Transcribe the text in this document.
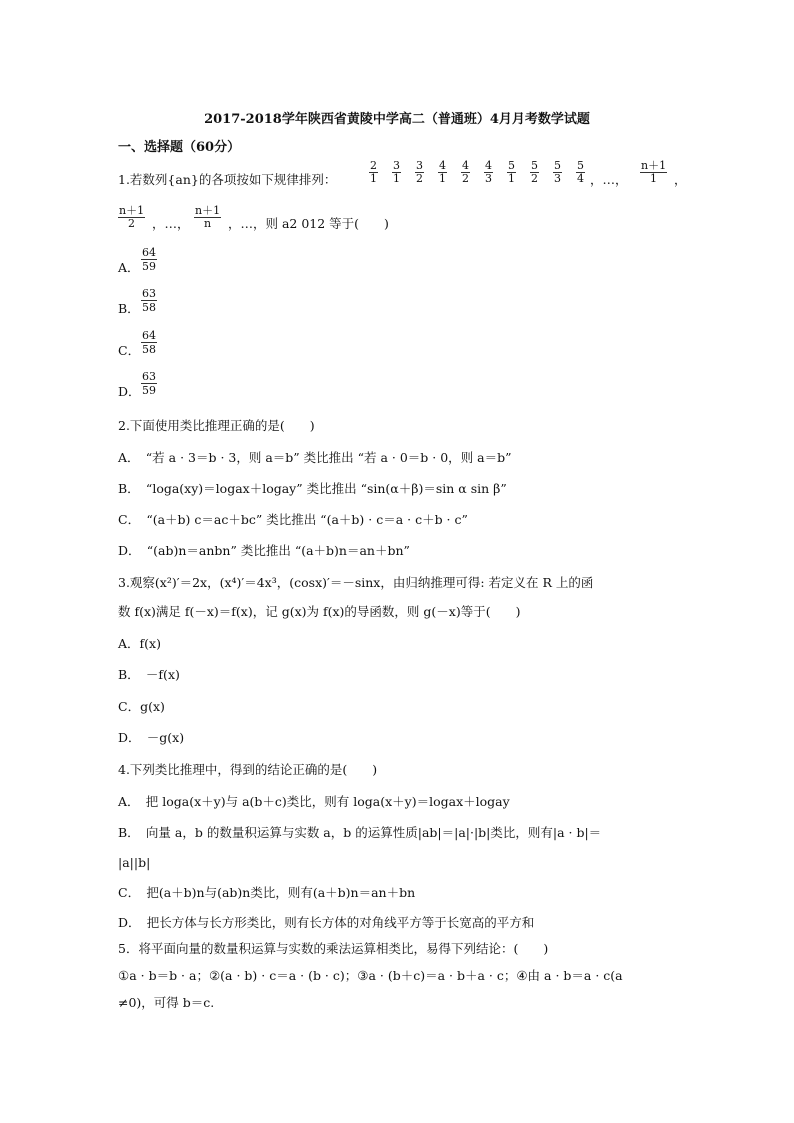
2017-2018学年陕西省黄陵中学高二（普通班）4月月考数学试题
一、选择题（60分）
1.若数列{an}的各项按如下规律排列：	$\frac{2}{1} \frac{3}{1} \frac{3}{2} \frac{4}{1} \frac{4}{2} \frac{4}{3} \frac{5}{1} \frac{5}{2} \frac{5}{3} \frac{5}{4}$ ，…， $\frac{n+1}{1}$ ，
$\frac{n+1}{2}$ ，…， $\frac{n+1}{n}$ ，…，则 a2 012 等于(　　)
A． $\frac{64}{59}$
B． $\frac{63}{58}$
C． $\frac{64}{58}$
D． $\frac{63}{59}$
2.下面使用类比推理正确的是(　　)
A．　“若 a · 3＝b · 3，则 a＝b” 类比推出 “若 a · 0＝b · 0，则 a＝b”
B．　“loga(xy)＝logax＋logay” 类比推出 “sin(α＋β)＝sin α sin β”
C．　“(a＋b) c＝ac＋bc” 类比推出 “(a＋b) · c＝a · c＋b · c”
D．　“(ab)n＝anbn” 类比推出 “(a＋b)n＝an＋bn”
3.观察(x²)′＝2x，(x⁴)′＝4x³，(cosx)′＝－sinx，由归纳推理可得: 若定义在 R 上的函
数 f(x)满足 f(－x)＝f(x)，记 g(x)为 f(x)的导函数，则 g(－x)等于(　　)
A．f(x)
B．　－f(x)
C．g(x)
D．　－g(x)
4.下列类比推理中，得到的结论正确的是(　　)
A．　把 loga(x＋y)与 a(b＋c)类比，则有 loga(x＋y)＝logax＋logay
B．　向量 a，b 的数量积运算与实数 a，b 的运算性质|ab|＝|a|·|b|类比，则有|a · b|＝
|a||b|
C．　把(a＋b)n与(ab)n类比，则有(a＋b)n＝an＋bn
D．　把长方体与长方形类比，则有长方体的对角线平方等于长宽高的平方和
5．将平面向量的数量积运算与实数的乘法运算相类比，易得下列结论：(　　)
①a · b＝b · a；②(a · b) · c＝a · (b · c)；③a · (b＋c)＝a · b＋a · c；④由 a · b＝a · c(a
≠0)，可得 b＝c.
